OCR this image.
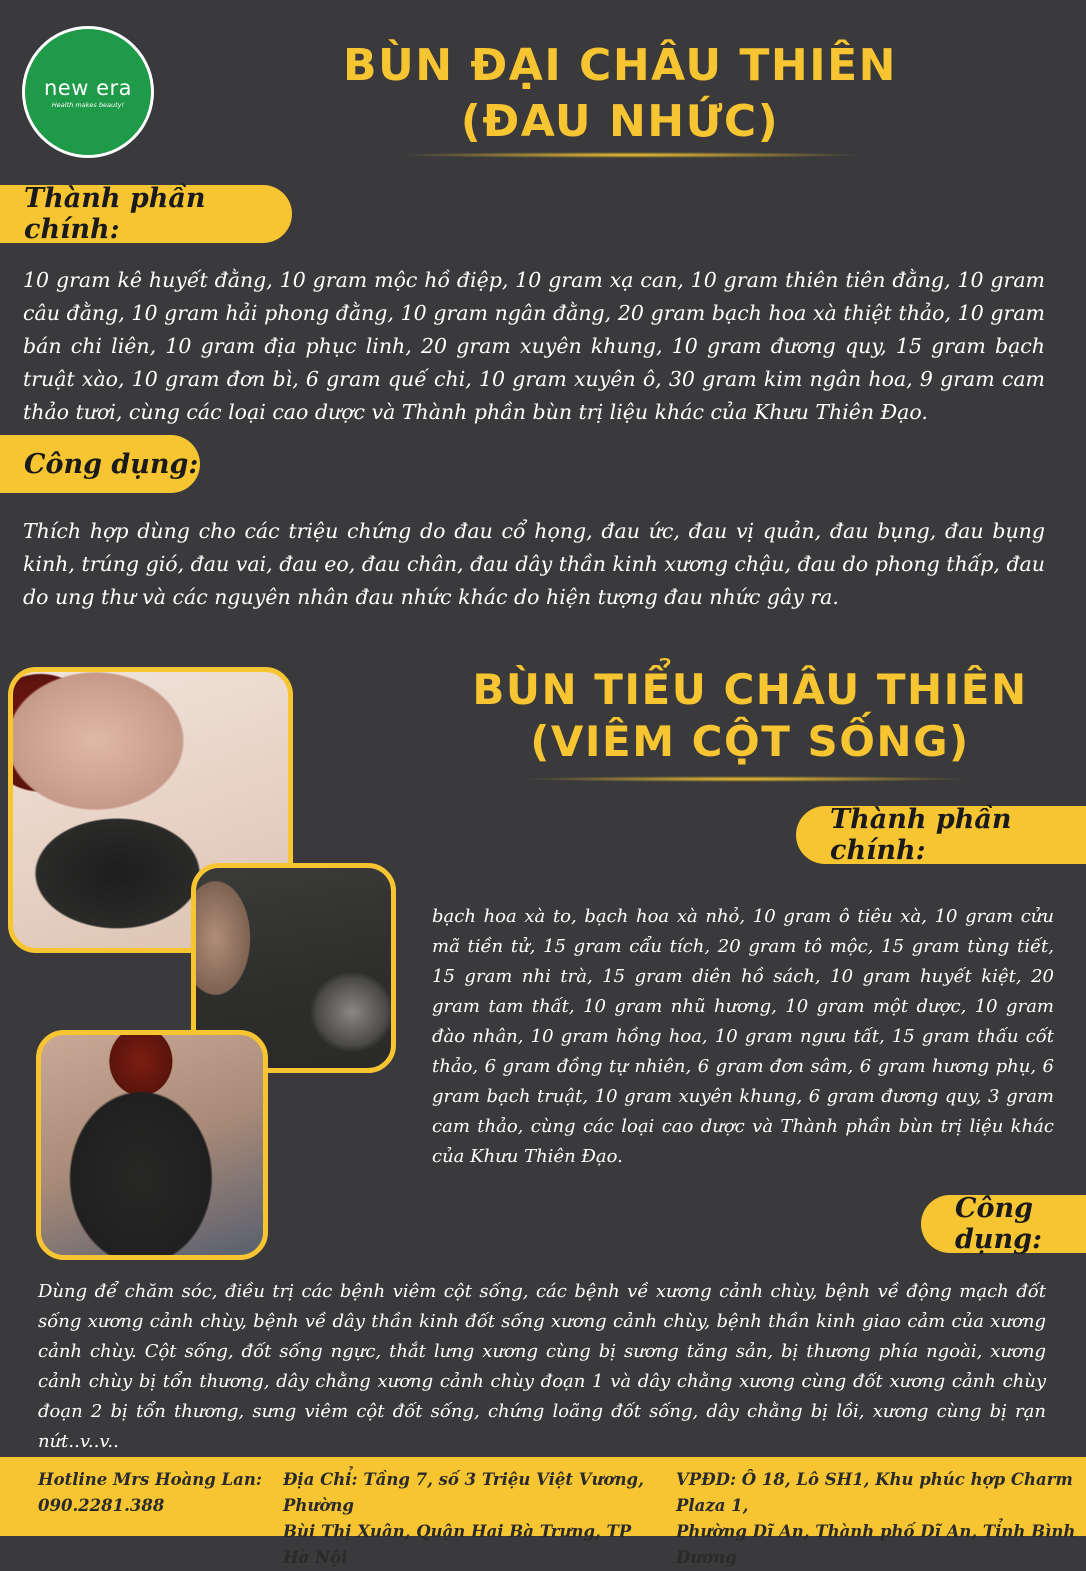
new era
Health makes beauty!
BÙN ĐẠI CHÂU THIÊN
(ĐAU NHỨC)
Thành phần chính:
10 gram kê huyết đằng, 10 gram mộc hồ điệp, 10 gram xạ can, 10 gram thiên tiên đằng, 10 gram câu đằng, 10 gram hải phong đằng, 10 gram ngân đằng, 20 gram bạch hoa xà thiệt thảo, 10 gram bán chi liên, 10 gram địa phục linh, 20 gram xuyên khung, 10 gram đương quy, 15 gram bạch truật xào, 10 gram đơn bì, 6 gram quế chi, 10 gram xuyên ô, 30 gram kim ngân hoa, 9 gram cam thảo tươi, cùng các loại cao dược và Thành phần bùn trị liệu khác của Khưu Thiên Đạo.
Công dụng:
Thích hợp dùng cho các triệu chứng do đau cổ họng, đau ức, đau vị quản, đau bụng, đau bụng kinh, trúng gió, đau vai, đau eo, đau chân, đau dây thần kinh xương chậu, đau do phong thấp, đau do ung thư và các nguyên nhân đau nhức khác do hiện tượng đau nhức gây ra.
BÙN TIỂU CHÂU THIÊN
(VIÊM CỘT SỐNG)
Thành phần chính:
bạch hoa xà to, bạch hoa xà nhỏ, 10 gram ô tiêu xà, 10 gram cửu mã tiền tử, 15 gram cẩu tích, 20 gram tô mộc, 15 gram tùng tiết, 15 gram nhi trà, 15 gram diên hồ sách, 10 gram huyết kiệt, 20 gram tam thất, 10 gram nhũ hương, 10 gram một dược, 10 gram đào nhân, 10 gram hồng hoa, 10 gram ngưu tất, 15 gram thấu cốt thảo, 6 gram đồng tự nhiên, 6 gram đơn sâm, 6 gram hương phụ, 6 gram bạch truật, 10 gram xuyên khung, 6 gram đương quy, 3 gram cam thảo, cùng các loại cao dược và Thành phần bùn trị liệu khác của Khưu Thiên Đạo.
Công dụng:
Dùng để chăm sóc, điều trị các bệnh viêm cột sống, các bệnh về xương cảnh chùy, bệnh về động mạch đốt sống xương cảnh chùy, bệnh về dây thần kinh đốt sống xương cảnh chùy, bệnh thần kinh giao cảm của xương cảnh chùy. Cột sống, đốt sống ngực, thắt lưng xương cùng bị sương tăng sản, bị thương phía ngoài, xương cảnh chùy bị tổn thương, dây chằng xương cảnh chùy đoạn 1 và dây chằng xương cùng đốt xương cảnh chùy đoạn 2 bị tổn thương, sưng viêm cột đốt sống, chứng loãng đốt sống, dây chằng bị lồi, xương cùng bị rạn nứt..v..v..
Hotline Mrs Hoàng Lan:
090.2281.388
Địa Chỉ: Tầng 7, số 3 Triệu Việt Vương, Phường
Bùi Thị Xuân, Quận Hai Bà Trưng, TP Hà Nội
VPĐD: Ô 18, Lô SH1, Khu phúc hợp Charm Plaza 1,
Phường Dĩ An, Thành phố Dĩ An, Tỉnh Bình Dương
